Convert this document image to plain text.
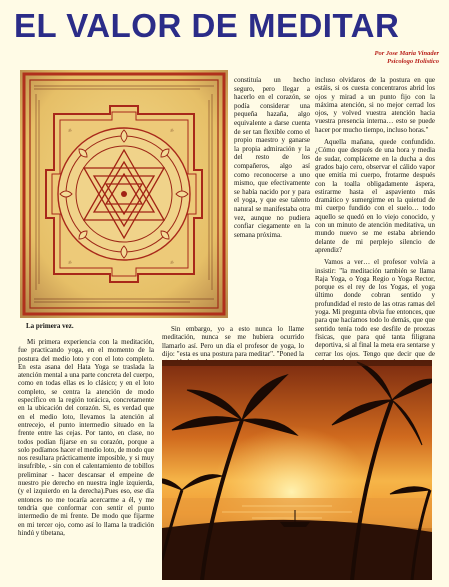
EL VALOR DE MEDITAR
Por Jose Maria Vinader
Psicologo Holistico
ॐ	ॐ
ॐ	ॐ
La primera vez.
constituía un hecho seguro, pero llegar a hacerlo en el corazón, se podía considerar una pequeña hazaña, algo equivalente a darse cuenta de ser tan flexible como el propio maestro y ganarse la propia admiración y la del resto de los compañeros, algo así como reconocerse a uno mismo, que efectivamente se había nacido por y para el yoga, y que ese talento natural se manifestaba otra vez, aunque no pudiera confiar ciegamente en la semana próxima.

Mi primera experiencia con la meditación, fue practicando yoga, en el momento de la postura del medio loto y con el loto completo. En esta asana del Hata Yoga se traslada la atención mental a una parte concreta del cuerpo, como en todas ellas es lo clásico; y en el loto completo, se centra la atención de modo específico en la región torácica, concretamente en la ubicación del corazón. Si, es verdad que en el medio loto, llevamos la atención al entrecejo, el punto intermedio situado en la frente entre las cejas. Por tanto, en clase, no todos podían fijarse en su corazón, porque a solo podíamos hacer el medio loto, de modo que nos resultara prácticamente imposible, y si muy insufrible, - sin con el calentamiento de tobillos preliminar - hacer descansar el empeine de nuestro pie derecho en nuestra ingle izquierda, (y el izquierdo en la derecha).Pues eso, ese día entonces no me tocaría acercarme a él, y me tendría que conformar con sentir el punto intermedio de mi frente. De modo que fijarme en mi tercer ojo, como así lo llama la tradición hindú y tibetana,

Sin embargo, yo a esto nunca lo llame meditación, nunca se me hubiera ocurrido llamarlo así. Pero un día el profesor de yoga, lo dijo: "esta es una postura para meditar". "Poned la

incluso olvidaros de la postura en que estáis, si os cuesta concentraros abrid los ojos y mirad a un punto fijo con la máxima atención, si no mejor cerrad los ojos, y volved vuestra atención hacia vuestra presencia interna… esto se puede hacer por mucho tiempo, incluso horas."

Aquella mañana, quede confundido. ¿Cómo que después de una hora y media de sudar, compláceme en la ducha a dos grados bajo cero, observar el cálido vapor que emitía mi cuerpo, frotarme después con la toalla obligadamente áspera, estirarme hasta el aspaviento más dramático y sumergirme en la quietud de mi cuerpo fundido con el suelo… todo aquello se quedó en lo viejo conocido, y con un minuto de atención meditativa, un mundo nuevo se me estaba abriendo delante de mi perplejo silencio de aprendiz?

Vamos a ver… el profesor volvía a insistir: "la meditación también se llama Raja Yoga, o Yoga Regio o Yoga Rector, porque es el rey de los Yogas, el yoga último donde cobran sentido y profundidad el resto de las otras ramas del yoga. Mi pregunta obvia fue entonces, que para que hacíamos todo lo demás, que que sentido tenía todo ese desfile de proezas físicas, que para qué tanta filigrana deportiva, si al final la meta era sentarse y cerrar los ojos. Tengo que decir que de
